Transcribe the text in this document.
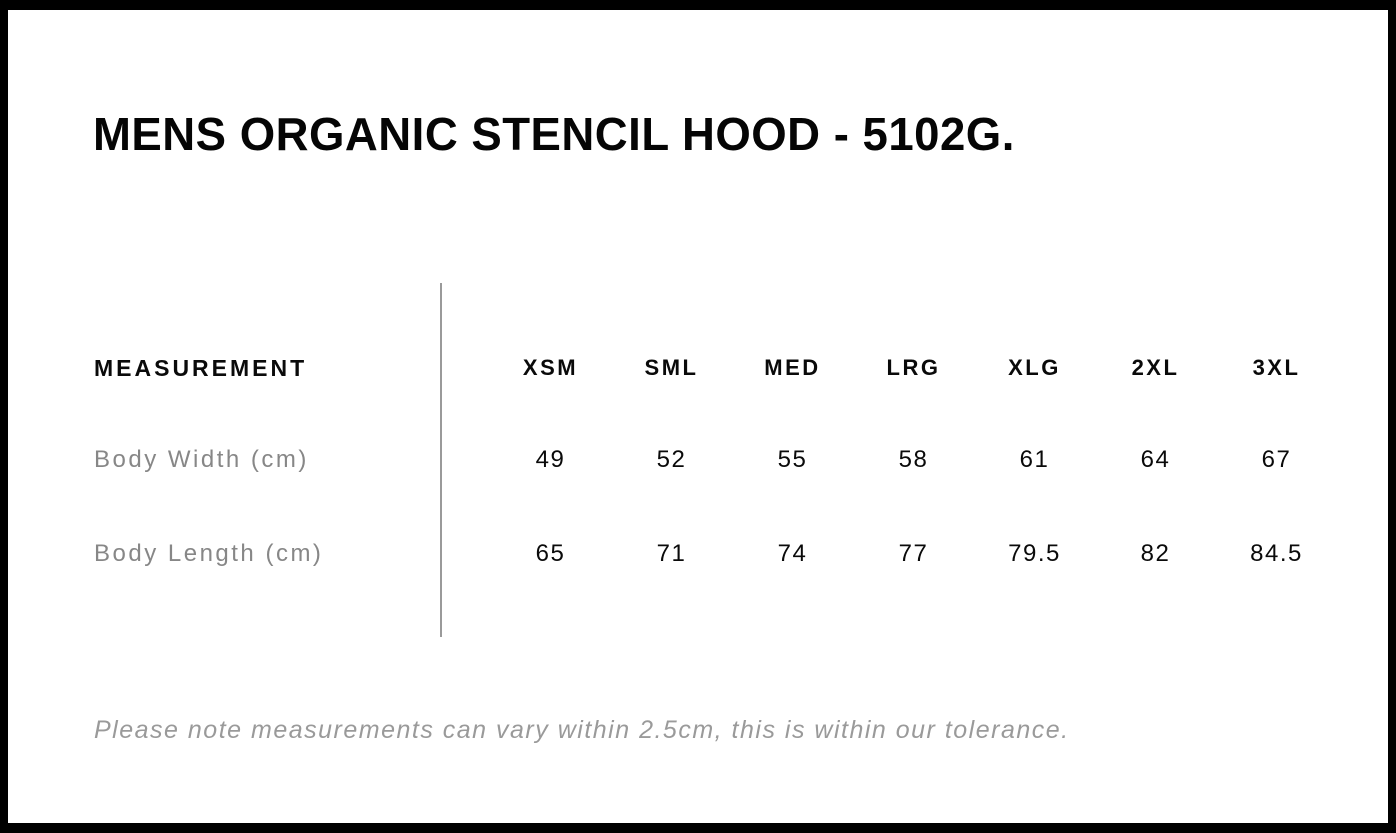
MENS ORGANIC STENCIL HOOD - 5102G.
MEASUREMENT	XSM	SML	MED	LRG	XLG	2XL	3XL
Body Width (cm)	49	52	55	58	61	64	67
Body Length (cm)	65	71	74	77	79.5	82	84.5

Please note measurements can vary within 2.5cm, this is within our tolerance.
